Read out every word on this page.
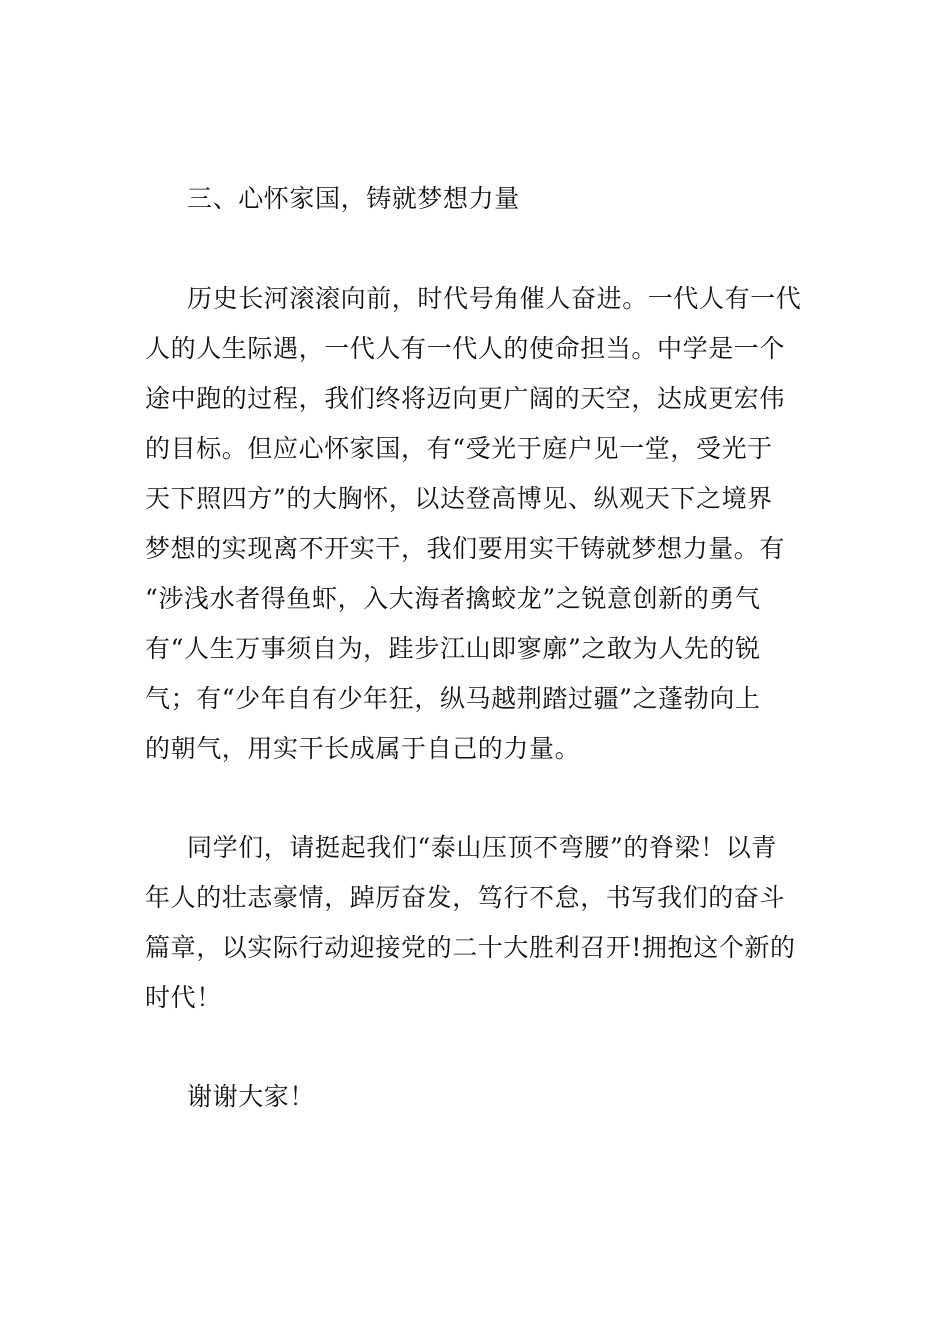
三、心怀家国，铸就梦想力量
历史长河滚滚向前，时代号角催人奋进。一代人有一代
人的人生际遇，一代人有一代人的使命担当。中学是一个
途中跑的过程，我们终将迈向更广阔的天空，达成更宏伟
的目标。但应心怀家国，有“受光于庭户见一堂，受光于
天下照四方”的大胸怀，以达登高博见、纵观天下之境界
梦想的实现离不开实干，我们要用实干铸就梦想力量。有
“涉浅水者得鱼虾，入大海者擒蛟龙”之锐意创新的勇气
有“人生万事须自为，跬步江山即寥廓”之敢为人先的锐
气；有“少年自有少年狂，纵马越荆踏过疆”之蓬勃向上
的朝气，用实干长成属于自己的力量。
同学们，请挺起我们“泰山压顶不弯腰”的脊梁！以青
年人的壮志豪情，踔厉奋发，笃行不怠，书写我们的奋斗
篇章，以实际行动迎接党的二十大胜利召开!拥抱这个新的
时代！
谢谢大家！
